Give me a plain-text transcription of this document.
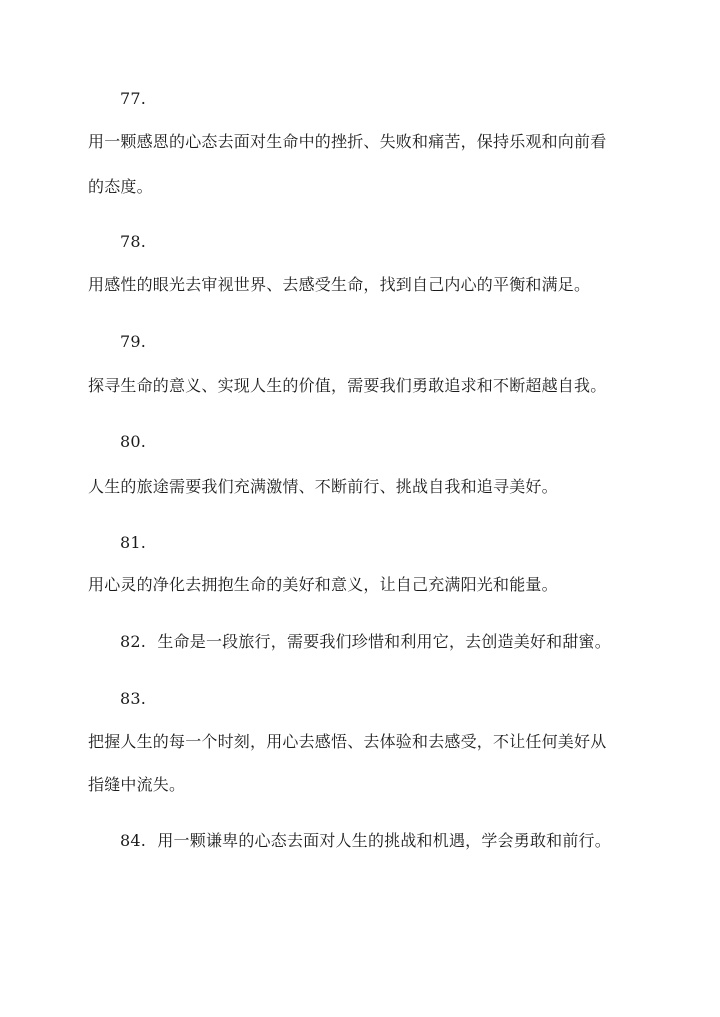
77.
用一颗感恩的心态去面对生命中的挫折、失败和痛苦，保持乐观和向前看
的态度。
78.
用感性的眼光去审视世界、去感受生命，找到自己内心的平衡和满足。
79.
探寻生命的意义、实现人生的价值，需要我们勇敢追求和不断超越自我。
80.
人生的旅途需要我们充满激情、不断前行、挑战自我和追寻美好。
81.
用心灵的净化去拥抱生命的美好和意义，让自己充满阳光和能量。
82. 生命是一段旅行，需要我们珍惜和利用它，去创造美好和甜蜜。
83.
把握人生的每一个时刻，用心去感悟、去体验和去感受，不让任何美好从
指缝中流失。
84. 用一颗谦卑的心态去面对人生的挑战和机遇，学会勇敢和前行。
